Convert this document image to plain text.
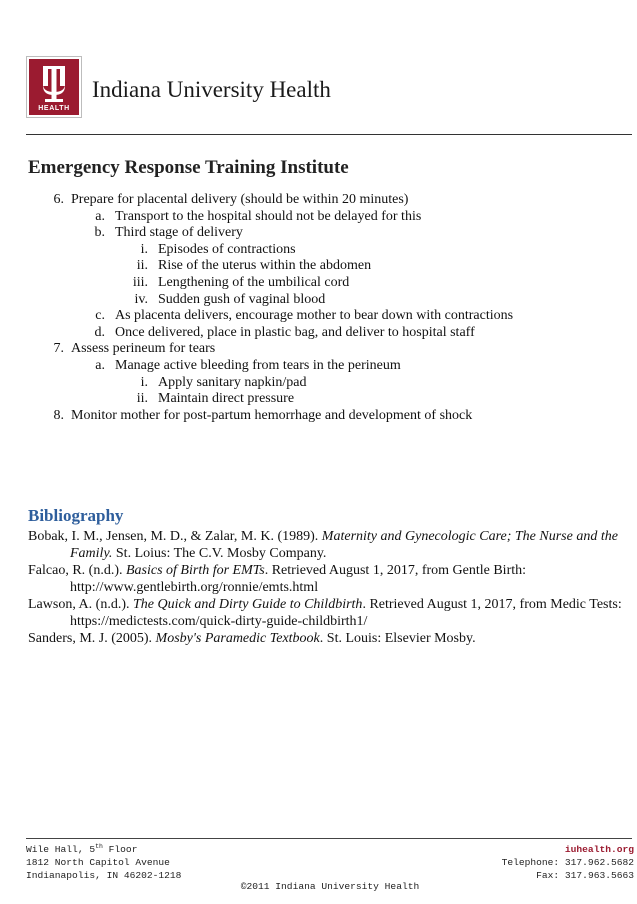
HEALTH
Indiana University Health
Emergency Response Training Institute
6. Prepare for placental delivery (should be within 20 minutes)
a. Transport to the hospital should not be delayed for this
b. Third stage of delivery
i. Episodes of contractions
ii. Rise of the uterus within the abdomen
iii. Lengthening of the umbilical cord
iv. Sudden gush of vaginal blood
c. As placenta delivers, encourage mother to bear down with contractions
d. Once delivered, place in plastic bag, and deliver to hospital staff
7. Assess perineum for tears
a. Manage active bleeding from tears in the perineum
i. Apply sanitary napkin/pad
ii. Maintain direct pressure
8. Monitor mother for post-partum hemorrhage and development of shock
Bibliography

Bobak, I. M., Jensen, M. D., & Zalar, M. K. (1989). Maternity and Gynecologic Care; The Nurse and the Family. St. Loius: The C.V. Mosby Company.

Falcao, R. (n.d.). Basics of Birth for EMTs. Retrieved August 1, 2017, from Gentle Birth: http://www.gentlebirth.org/ronnie/emts.html

Lawson, A. (n.d.). The Quick and Dirty Guide to Childbirth. Retrieved August 1, 2017, from Medic Tests: https://medictests.com/quick-dirty-guide-childbirth1/

Sanders, M. J. (2005). Mosby's Paramedic Textbook. St. Louis: Elsevier Mosby.

Wile Hall, 5th Floor
1812 North Capitol Avenue
Indianapolis, IN 46202-1218
iuhealth.org
Telephone: 317.962.5682
Fax: 317.963.5663
©2011 Indiana University Health
